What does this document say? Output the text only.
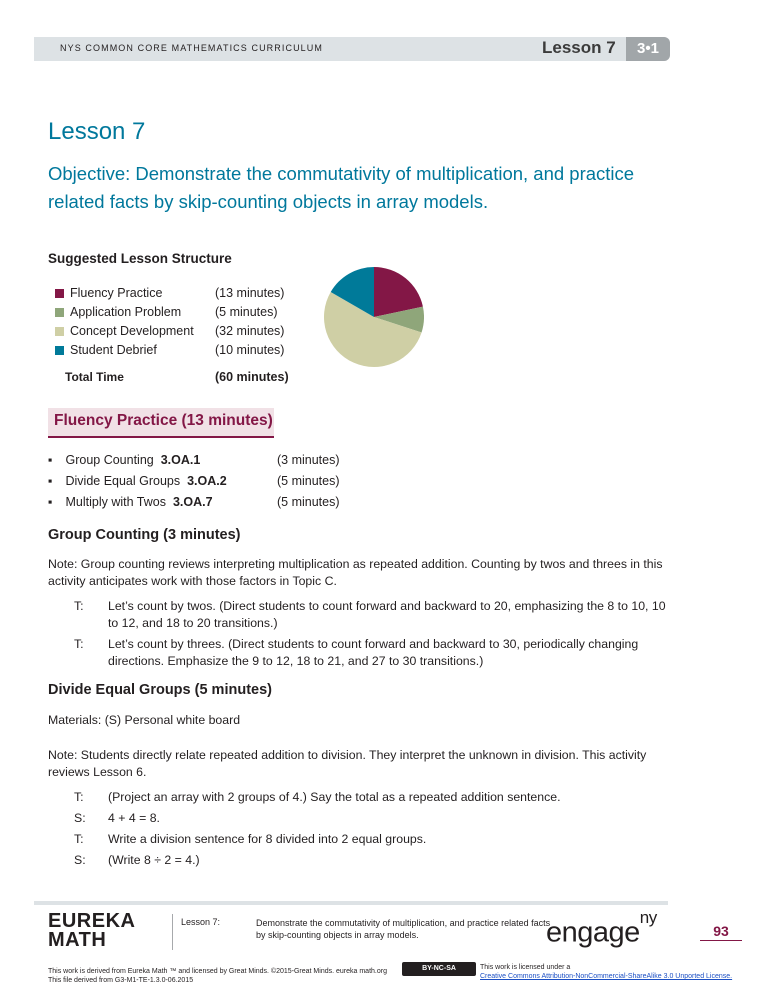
NYS COMMON CORE MATHEMATICS CURRICULUM	Lesson 7	3•1
Lesson 7
Objective: Demonstrate the commutativity of multiplication, and practice related facts by skip-counting objects in array models.
Suggested Lesson Structure
Fluency Practice	(13 minutes)
Application Problem	(5 minutes)
Concept Development (32 minutes)
Student Debrief	(10 minutes)
Total Time	(60 minutes)
Fluency Practice (13 minutes)
▪ Group Counting 3.OA.1	(3 minutes)
▪ Divide Equal Groups 3.OA.2	(5 minutes)
▪ Multiply with Twos 3.OA.7	(5 minutes)
Group Counting (3 minutes)
Note: Group counting reviews interpreting multiplication as repeated addition. Counting by twos and threes in this activity anticipates work with those factors in Topic C.
T: Let’s count by twos. (Direct students to count forward and backward to 20, emphasizing the 8 to 10, 10 to 12, and 18 to 20 transitions.)
T: Let’s count by threes. (Direct students to count forward and backward to 30, periodically changing directions. Emphasize the 9 to 12, 18 to 21, and 27 to 30 transitions.)
Divide Equal Groups (5 minutes)
Materials: (S) Personal white board
Note: Students directly relate repeated addition to division. They interpret the unknown in division. This activity reviews Lesson 6.
T: (Project an array with 2 groups of 4.) Say the total as a repeated addition sentence.
S: 4 + 4 = 8.
T: Write a division sentence for 8 divided into 2 equal groups.
S: (Write 8 ÷ 2 = 4.)
EUREKA
MATH
Lesson 7:	Demonstrate the commutativity of multiplication, and practice related facts by skip-counting objects in array models.	engage$^{ny}$
93
This work is derived from Eureka Math ™ and licensed by Great Minds. ©2015-Great Minds. eureka math.org
This file derived from G3-M1-TE-1.3.0-06.2015
BY-NC-SA	This work is licensed under a
Creative Commons Attribution-NonCommercial-ShareAlike 3.0 Unported License.
